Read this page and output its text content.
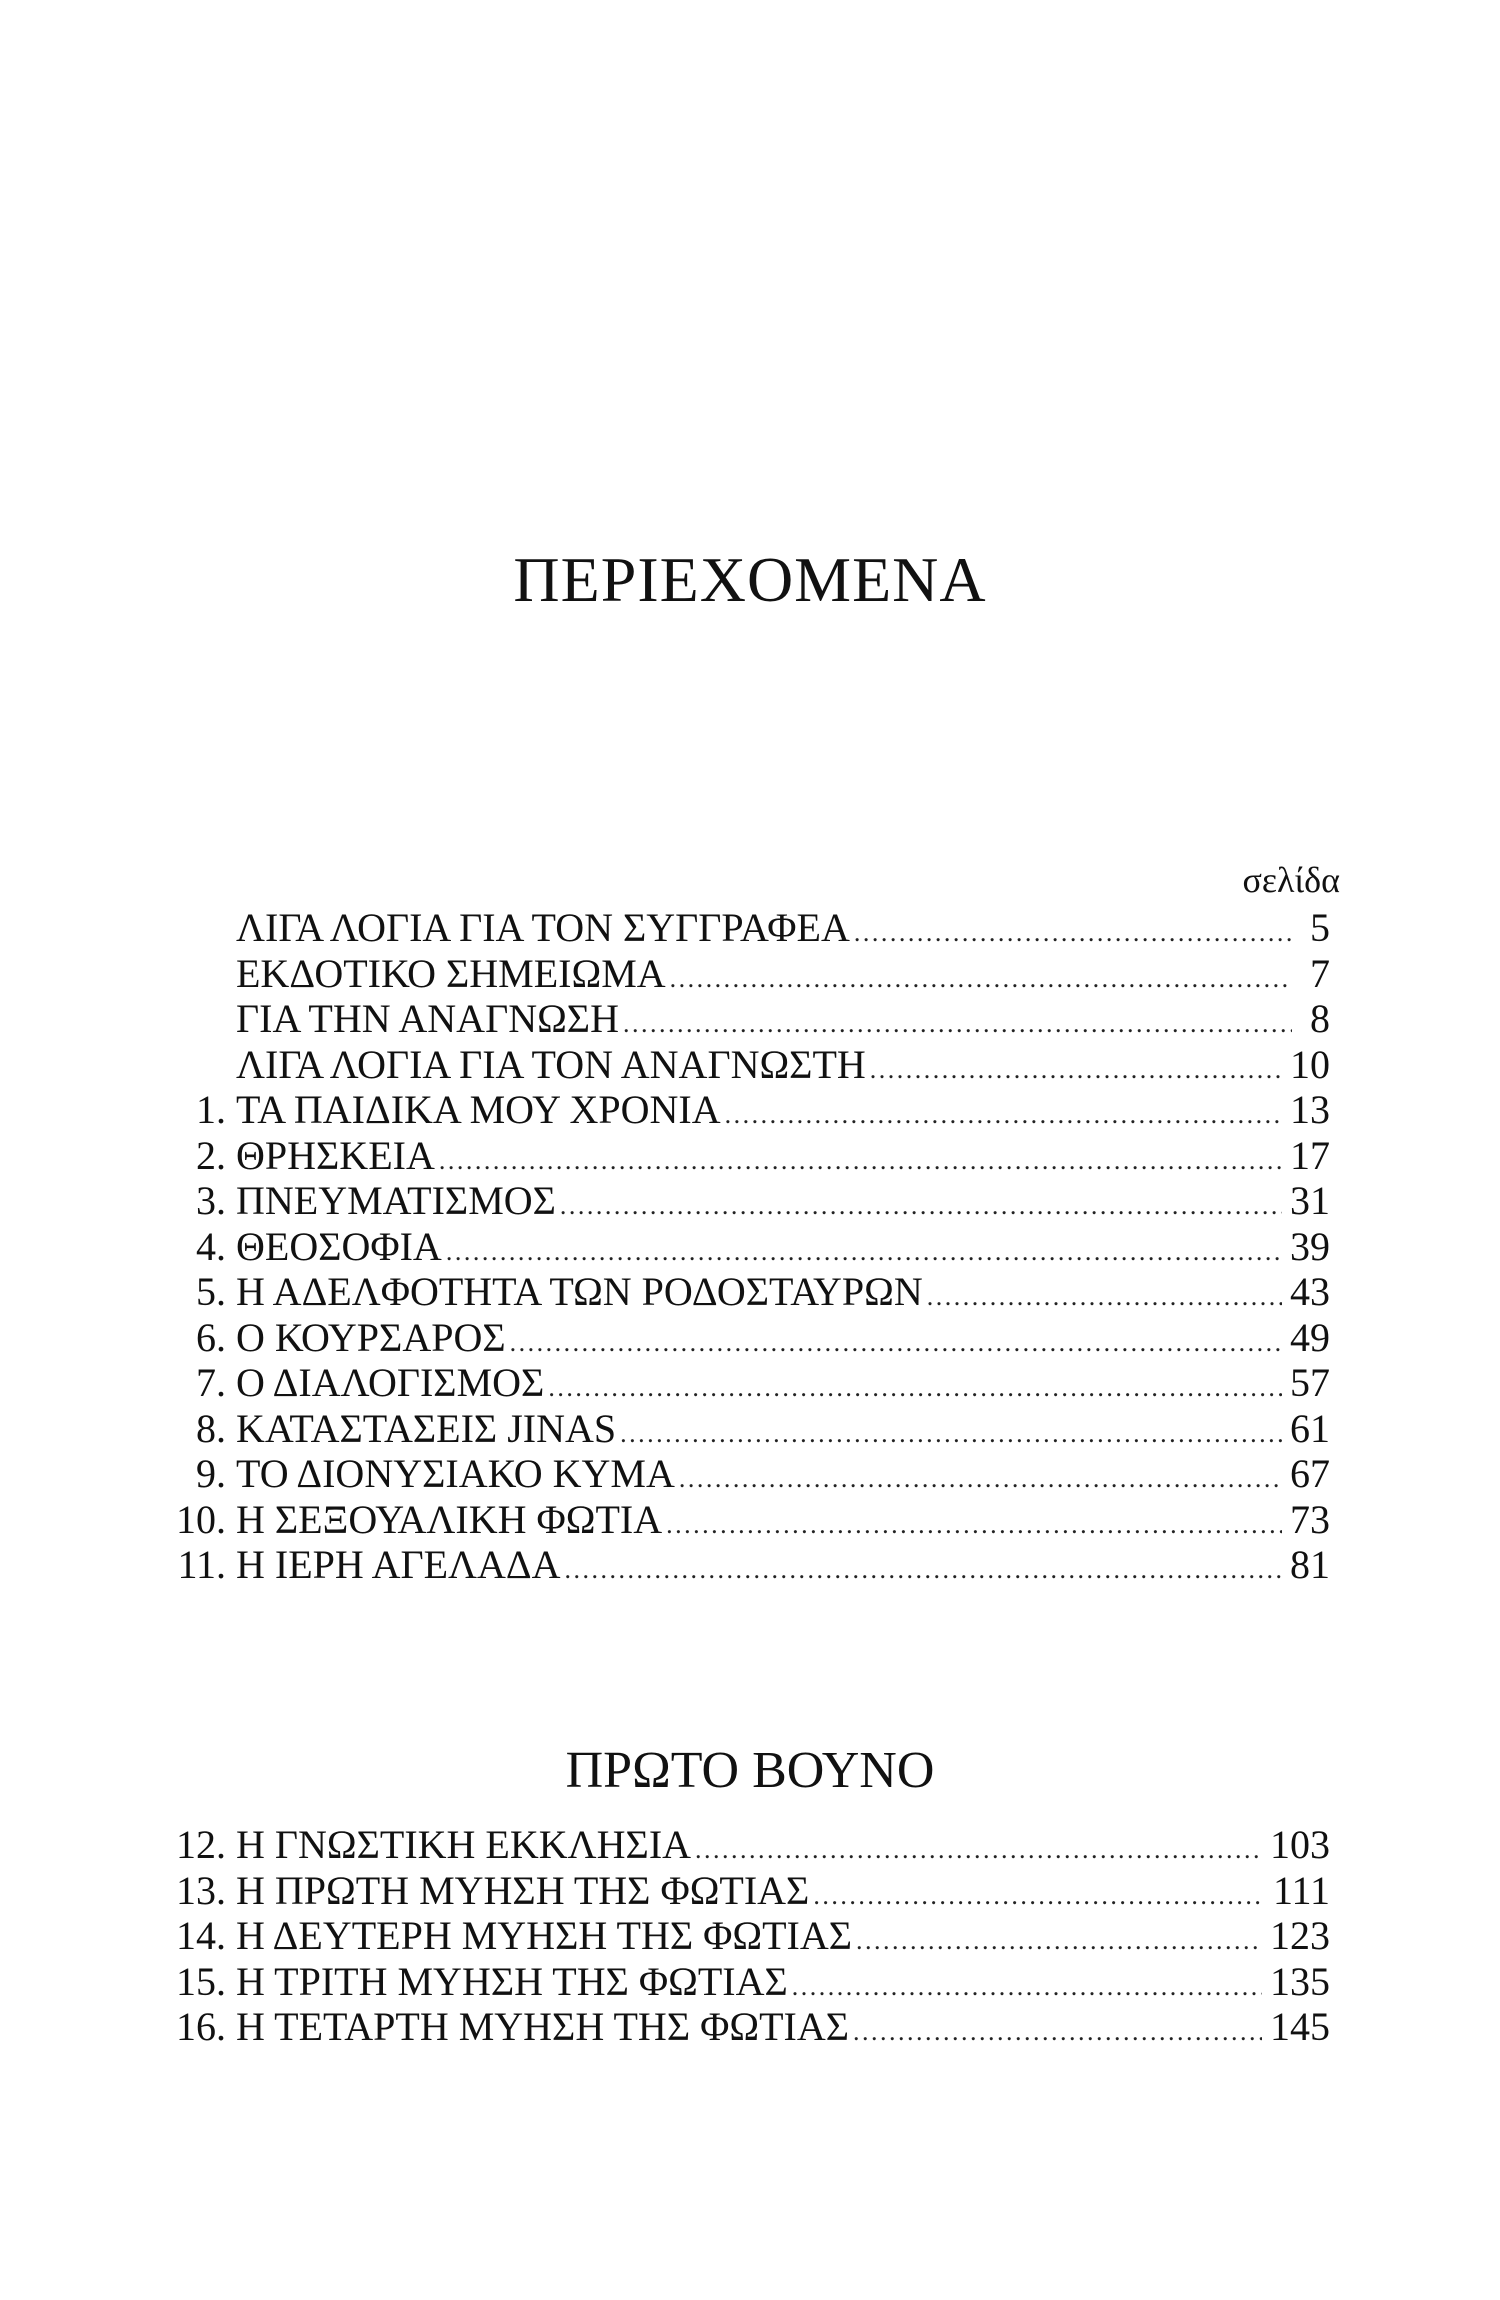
ΠΕΡΙΕΧΟΜΕΝΑ
σελίδα
ΛΙΓΑ ΛΟΓΙΑ ΓΙΑ ΤΟΝ ΣΥΓΓΡΑΦΕΑ .....	5
ΕΚΔΟΤΙΚΟ ΣΗΜΕΙΩΜΑ .....	7
ΓΙΑ ΤΗΝ ΑΝΑΓΝΩΣΗ .....	8
ΛΙΓΑ ΛΟΓΙΑ ΓΙΑ ΤΟΝ ΑΝΑΓΝΩΣΤΗ .....	10
1. ΤΑ ΠΑΙΔΙΚΑ ΜΟΥ ΧΡΟΝΙΑ .....	13
2. ΘΡΗΣΚΕΙΑ .....	17
3. ΠΝΕΥΜΑΤΙΣΜΟΣ .....	31
4. ΘΕΟΣΟΦΙΑ .....	39
5. Η ΑΔΕΛΦΟΤΗΤΑ ΤΩΝ ΡΟΔΟΣΤΑΥΡΩΝ .....	43
6. Ο ΚΟΥΡΣΑΡΟΣ .....	49
7. Ο ΔΙΑΛΟΓΙΣΜΟΣ .....	57
8. ΚΑΤΑΣΤΑΣΕΙΣ JINAS .....	61
9. ΤΟ ΔΙΟΝΥΣΙΑΚΟ ΚΥΜΑ .....	67
10. Η ΣΕΞΟΥΑΛΙΚΗ ΦΩΤΙΑ .....	73
11. Η ΙΕΡΗ ΑΓΕΛΑΔΑ .....	81
ΠΡΩΤΟ ΒΟΥΝΟ
12. Η ΓΝΩΣΤΙΚΗ ΕΚΚΛΗΣΙΑ .....	103
13. Η ΠΡΩΤΗ ΜΥΗΣΗ ΤΗΣ ΦΩΤΙΑΣ .....	111
14. Η ΔΕΥΤΕΡΗ ΜΥΗΣΗ ΤΗΣ ΦΩΤΙΑΣ .....	123
15. Η ΤΡΙΤΗ ΜΥΗΣΗ ΤΗΣ ΦΩΤΙΑΣ .....	135
16. Η ΤΕΤΑΡΤΗ ΜΥΗΣΗ ΤΗΣ ΦΩΤΙΑΣ .....	145
